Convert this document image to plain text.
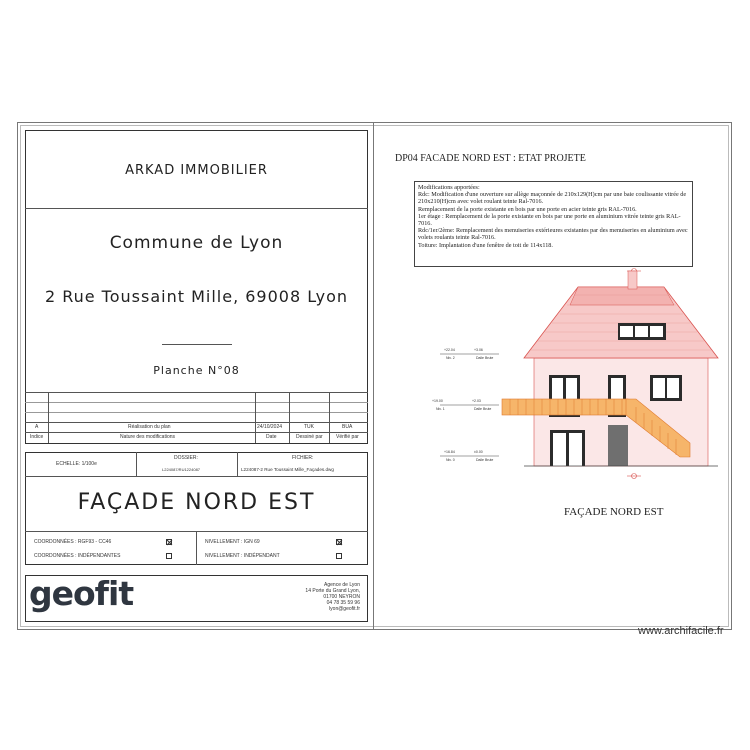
ARKAD IMMOBILIER
Commune de Lyon
2 Rue Toussaint Mille, 69008 Lyon
Planche N°08
A	Réalisation du plan	24/10/2024	TUK	BUA
Indice	Nature des modifications	Date	Dessiné par	Vérifié par
ECHELLE: 1/100e
DOSSIER:
L224087/RU1224087
FICHIER:
L224087-2 Rue Toussaint Mille_Façades.dwg
FAÇADE NORD EST
COORDONNÉES : RGF93 - CC46
COORDONNÉES : INDÉPENDANTES
NIVELLEMENT : IGN 69
NIVELLEMENT : INDÉPENDANT
geofit	Agence de Lyon
14 Porte du Grand Lyon,
01700 NEYRON
04 78 35 59 96
lyon@geofit.fr
DP04 FACADE NORD EST : ETAT PROJETE
Modifications apportées:
Rdc: Modification d'une ouverture sur allège maçonnée de 210x129(H)cm par une baie coulissante vitrée de 210x210(H)cm avec volet roulant teinte Ral-7016.
Remplacement de la porte existante en bois par une porte en acier teinte gris RAL-7016.
1er étage : Remplacement de la porte existante en bois par une porte en aluminium vitrée teinte gris RAL-7016.
Rdc/1er/2ème: Remplacement des menuiseries extérieures existantes par des menuiseries en aluminium avec volets roulants teinte Ral-7016.
Toiture: Implantation d'une fenêtre de toit de 114x118.
+22.04	+3.06
Niv. 2	Dalle Brute
+19.00	+2.03
Niv. 1	Dalle Brute
+16.84	±0.00
Niv. 0	Dalle Brute
FAÇADE NORD EST
www.archifacile.fr
